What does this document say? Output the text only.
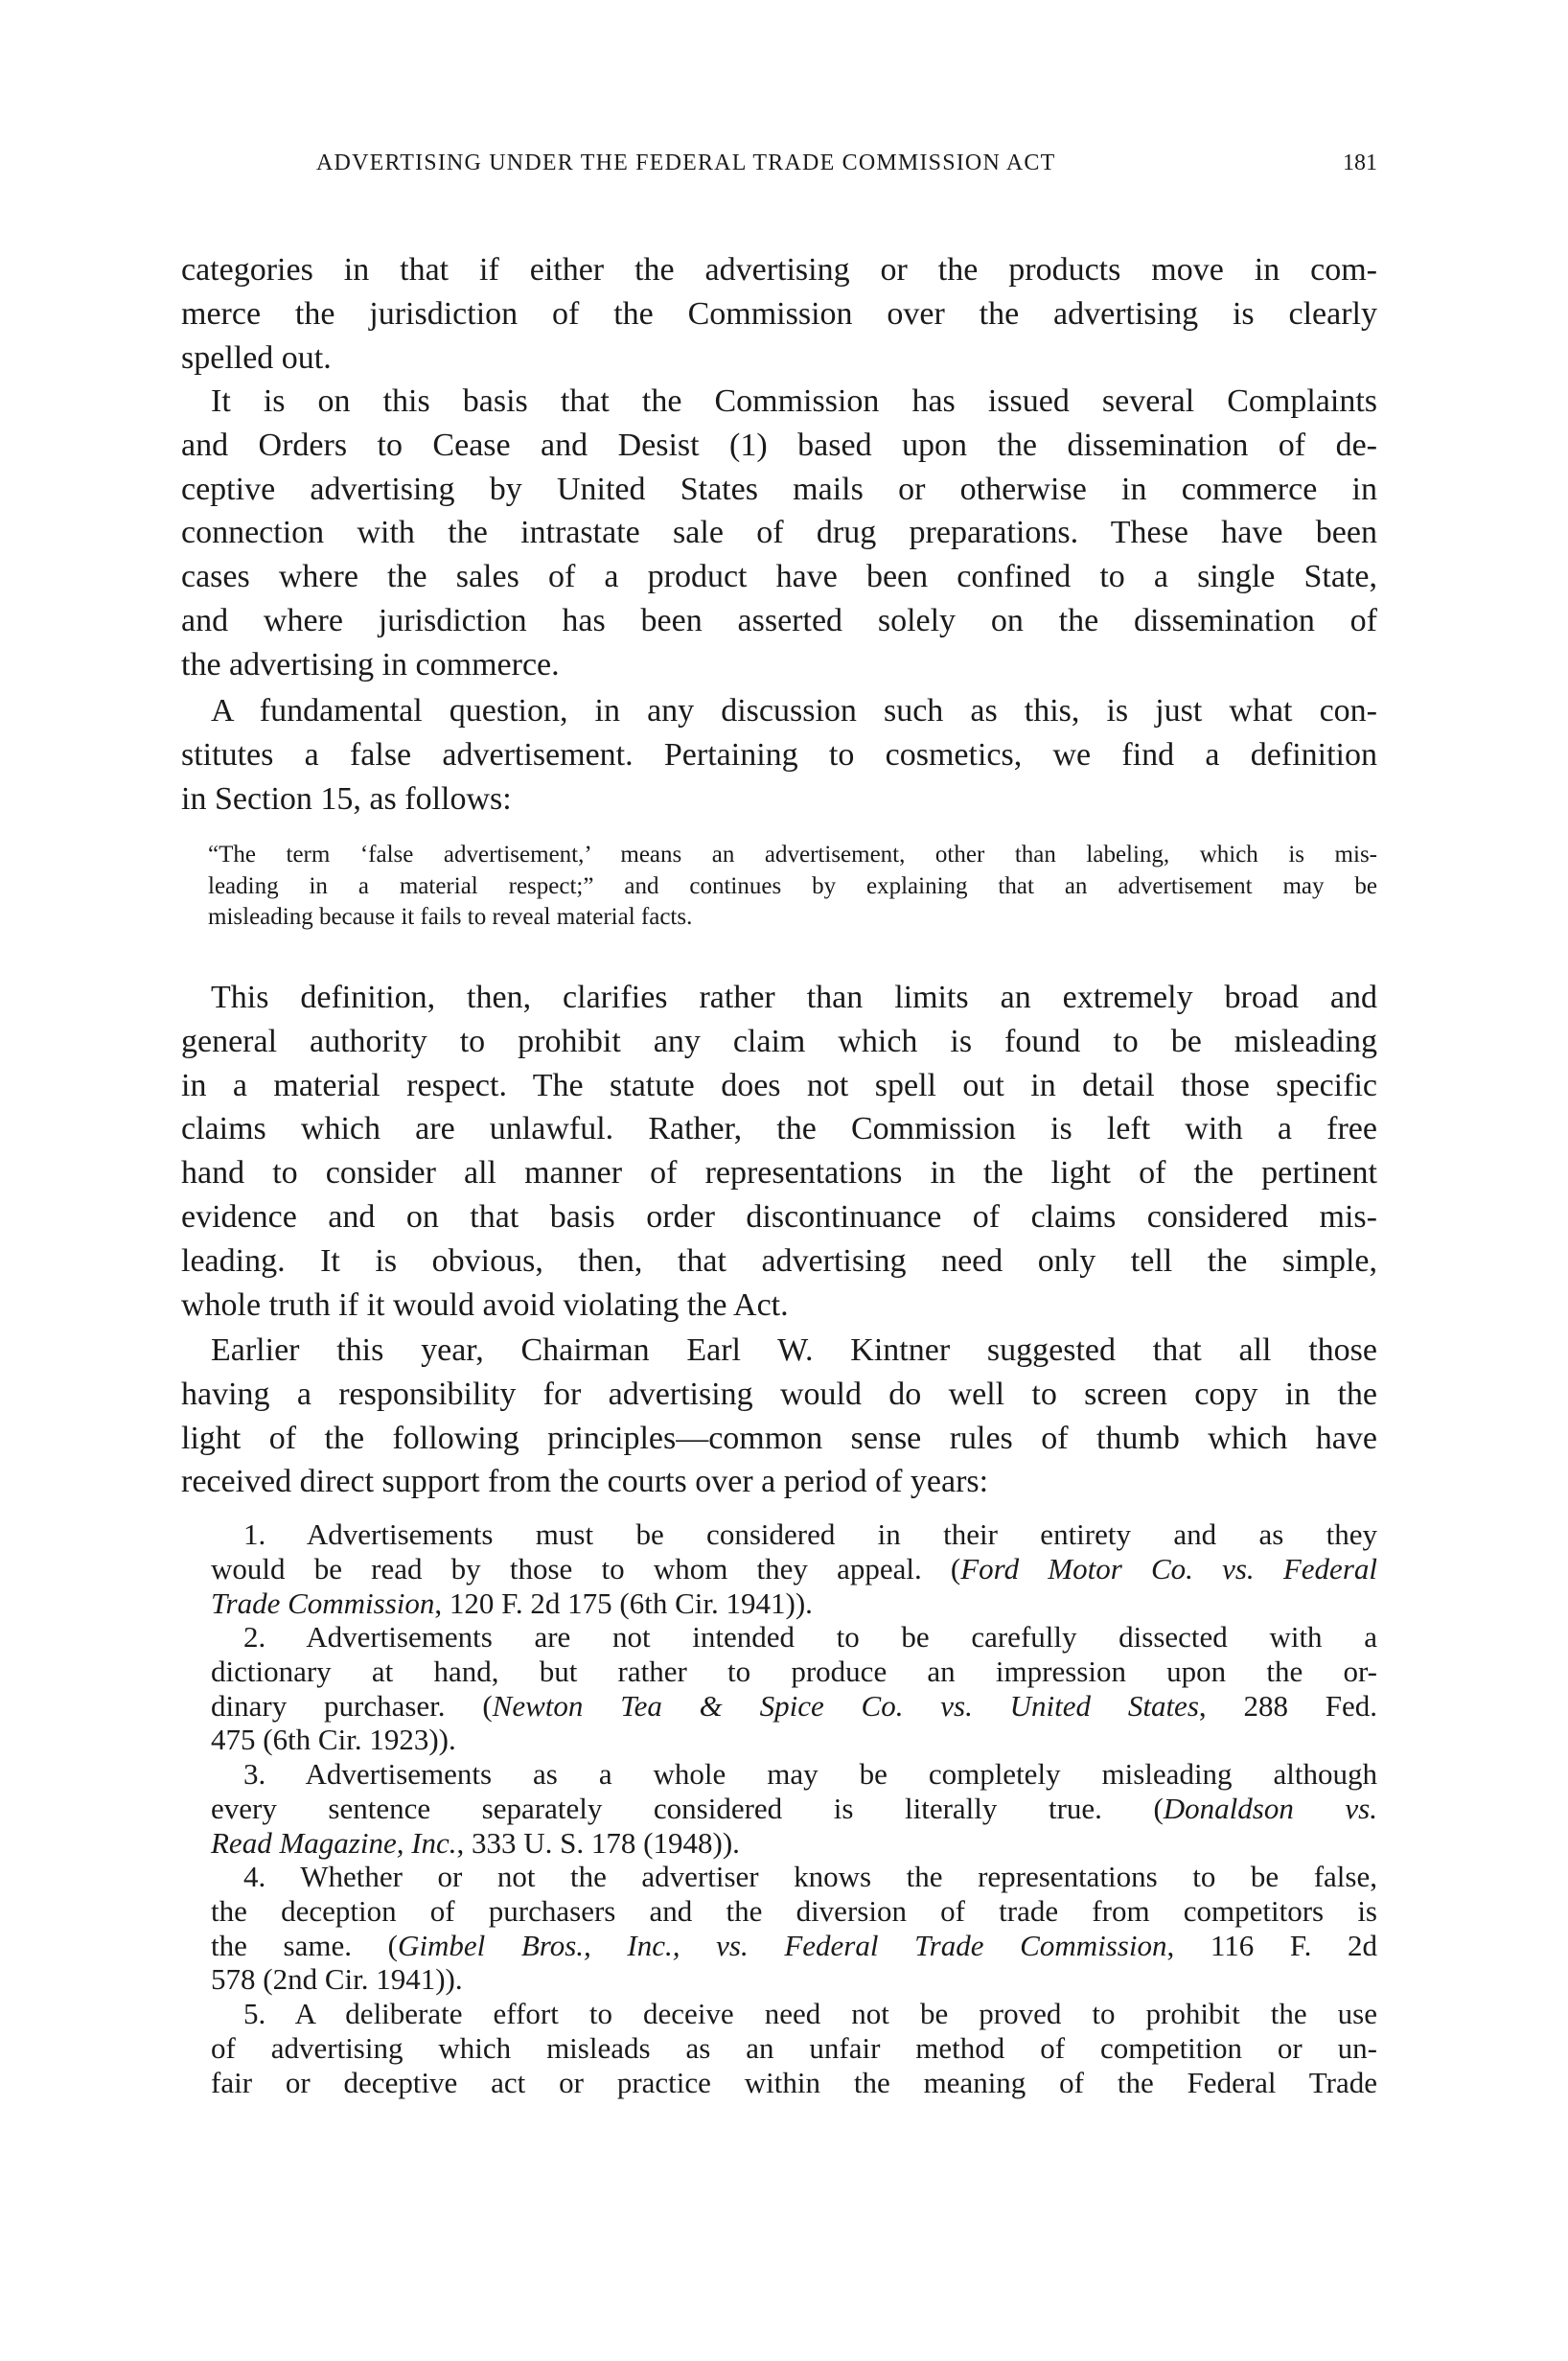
ADVERTISING UNDER THE FEDERAL TRADE COMMISSION ACT	181
categories in that if either the advertising or the products move in com-
merce the jurisdiction of the Commission over the advertising is clearly
spelled out.
It is on this basis that the Commission has issued several Complaints
and Orders to Cease and Desist (1) based upon the dissemination of de-
ceptive advertising by United States mails or otherwise in commerce in
connection with the intrastate sale of drug preparations. These have been
cases where the sales of a product have been confined to a single State,
and where jurisdiction has been asserted solely on the dissemination of
the advertising in commerce.
A fundamental question, in any discussion such as this, is just what con-
stitutes a false advertisement. Pertaining to cosmetics, we find a definition
in Section 15, as follows:
“The term ‘false advertisement,’ means an advertisement, other than labeling, which is mis-
leading in a material respect;” and continues by explaining that an advertisement may be
misleading because it fails to reveal material facts.
This definition, then, clarifies rather than limits an extremely broad and
general authority to prohibit any claim which is found to be misleading
in a material respect. The statute does not spell out in detail those specific
claims which are unlawful. Rather, the Commission is left with a free
hand to consider all manner of representations in the light of the pertinent
evidence and on that basis order discontinuance of claims considered mis-
leading. It is obvious, then, that advertising need only tell the simple,
whole truth if it would avoid violating the Act.
Earlier this year, Chairman Earl W. Kintner suggested that all those
having a responsibility for advertising would do well to screen copy in the
light of the following principles—common sense rules of thumb which have
received direct support from the courts over a period of years:
1. Advertisements must be considered in their entirety and as they
would be read by those to whom they appeal. (Ford Motor Co. vs. Federal
Trade Commission, 120 F. 2d 175 (6th Cir. 1941)).
2. Advertisements are not intended to be carefully dissected with a
dictionary at hand, but rather to produce an impression upon the or-
dinary purchaser. (Newton Tea & Spice Co. vs. United States, 288 Fed.
475 (6th Cir. 1923)).
3. Advertisements as a whole may be completely misleading although
every sentence separately considered is literally true. (Donaldson vs.
Read Magazine, Inc., 333 U. S. 178 (1948)).
4. Whether or not the advertiser knows the representations to be false,
the deception of purchasers and the diversion of trade from competitors is
the same. (Gimbel Bros., Inc., vs. Federal Trade Commission, 116 F. 2d
578 (2nd Cir. 1941)).
5. A deliberate effort to deceive need not be proved to prohibit the use
of advertising which misleads as an unfair method of competition or un-
fair or deceptive act or practice within the meaning of the Federal Trade
